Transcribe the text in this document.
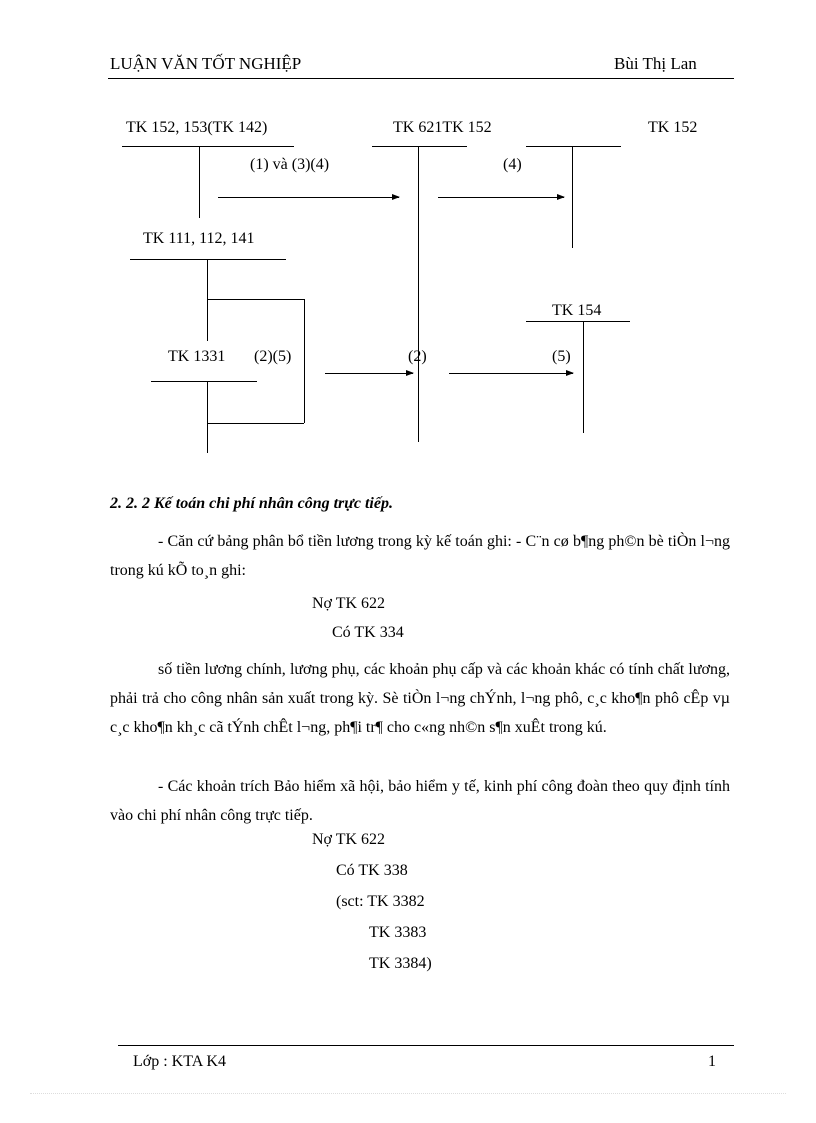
LUẬN VĂN TỐT NGHIỆP	Bùi Thị Lan
TK 152, 153(TK 142)	TK 621TK 152	TK 152
(1) và (3)(4)	(4)
TK 111, 112, 141
TK 154
TK 1331 (2)(5)	(2)	(5)
2. 2. 2 Kế toán chi phí nhân công trực tiếp.

- Căn cứ bảng phân bổ tiền lương trong kỳ kế toán ghi: - C¨n cø b¶ng ph©n bè tiÒn l¬ng trong kú kÕ to¸n ghi:

Nợ TK 622
Có TK 334

số tiền lương chính, lương phụ, các khoản phụ cấp và các khoản khác có tính chất lương, phải trả cho công nhân sản xuất trong kỳ. Sè tiÒn l¬ng chÝnh, l¬ng phô, c¸c kho¶n phô cÊp vµ c¸c kho¶n kh¸c cã tÝnh chÊt l¬ng, ph¶i tr¶ cho c«ng nh©n s¶n xuÊt trong kú.

- Các khoản trích Bảo hiểm xã hội, bảo hiểm y tế, kinh phí công đoàn theo quy định tính vào chi phí nhân công trực tiếp.

Nợ TK 622
Có TK 338
(sct: TK 3382
TK 3383
TK 3384)
Lớp : KTA K4	1
